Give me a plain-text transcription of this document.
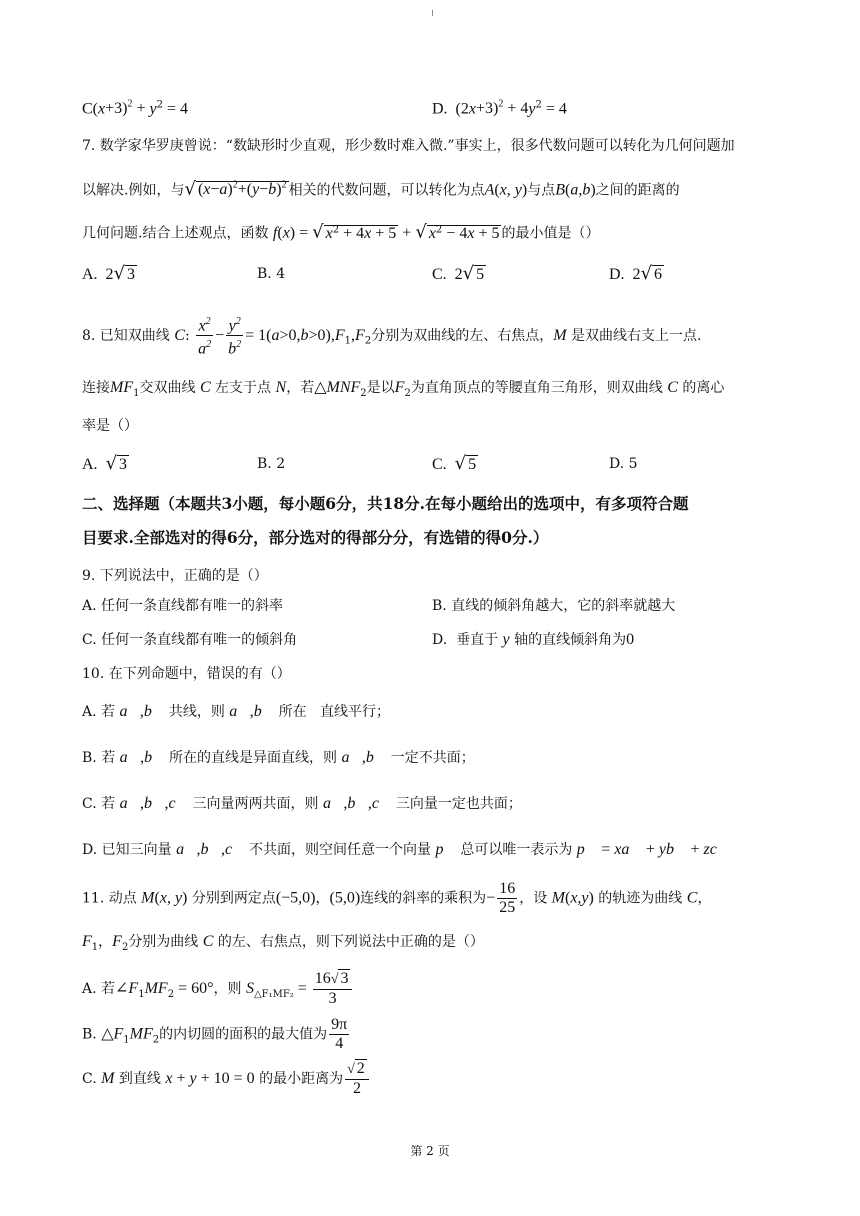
$C(x+3)^2 + y^2 = 4$	D.  $(2x+3)^2 + 4y^2 = 4$
7. 数学家华罗庚曾说：“数缺形时少直观，形少数时难入微.”事实上，很多代数问题可以转化为几何问题加
以解决.例如，与√ $(x-a)^2+(y-b)^2$ 相关的代数问题，可以转化为点A(x, y)与点B(a,b)之间的距离的
几何问题.结合上述观点，函数 f(x) = √ $x^2 + 4x + 5$ + √ $x^2 - 4x + 5$ 的最小值是（）
A.  2√ 3	B. 4	C.  2√ 5	D.  2√ 6
8. 已知双曲线 C: $\frac{x^2}{a^2} - \frac{y^2}{b^2} = 1(a>0,b>0),F_1,F_2$分别为双曲线的左、右焦点，M 是双曲线右支上一点.
连接$MF_1$交双曲线 C 左支于点 N，若$\triangle MNF_2$是以$F_2$为直角顶点的等腰直角三角形，则双曲线 C 的离心
率是（）
A.  √ 3	B. 2	C.  √ 5	D. 5
二、选择题（本题共3小题，每小题6分，共18分.在每小题给出的选项中，有多项符合题
目要求.全部选对的得6分，部分选对的得部分分，有选错的得0分.）
9. 下列说法中，正确的是（）
A. 任何一条直线都有唯一的斜率	B. 直线的倾斜角越大，它的斜率就越大
C. 任何一条直线都有唯一的倾斜角	D.  垂直于 y 轴的直线倾斜角为0
10. 在下列命题中，错误的有（）
A. 若 a⃗,b⃗ 共线，则 a⃗,b⃗ 所在   直线平行；
B. 若 a⃗,b⃗ 所在的直线是异面直线，则 a⃗,b⃗ 一定不共面；
C. 若 a⃗,b⃗,c⃗ 三向量两两共面，则 a⃗,b⃗,c⃗ 三向量一定也共面；
D. 已知三向量 a⃗,b⃗,c⃗ 不共面，则空间任意一个向量 p⃗ 总可以唯一表示为 p⃗ = xa⃗ + yb⃗ + zc⃗
11. 动点 M(x, y) 分别到两定点(−5,0)，(5,0)连线的斜率的乘积为− $\frac{16}{25}$ ，设 M(x,y) 的轨迹为曲线 C，
$F_1$，$F_2$分别为曲线 C 的左、右焦点，则下列说法中正确的是（）
A. 若$\angle F_1MF_2 = 60^\circ$，则 $S_{\triangle F_1MF_2} = \frac{16√ 3}{3}$
B. $\triangle F_1MF_2$的内切圆的面积的最大值为 $\frac{9\pi}{4}$
C. M 到直线 x + y + 10 = 0 的最小距离为 $\frac{√ 2}{2}$
第 2 页
